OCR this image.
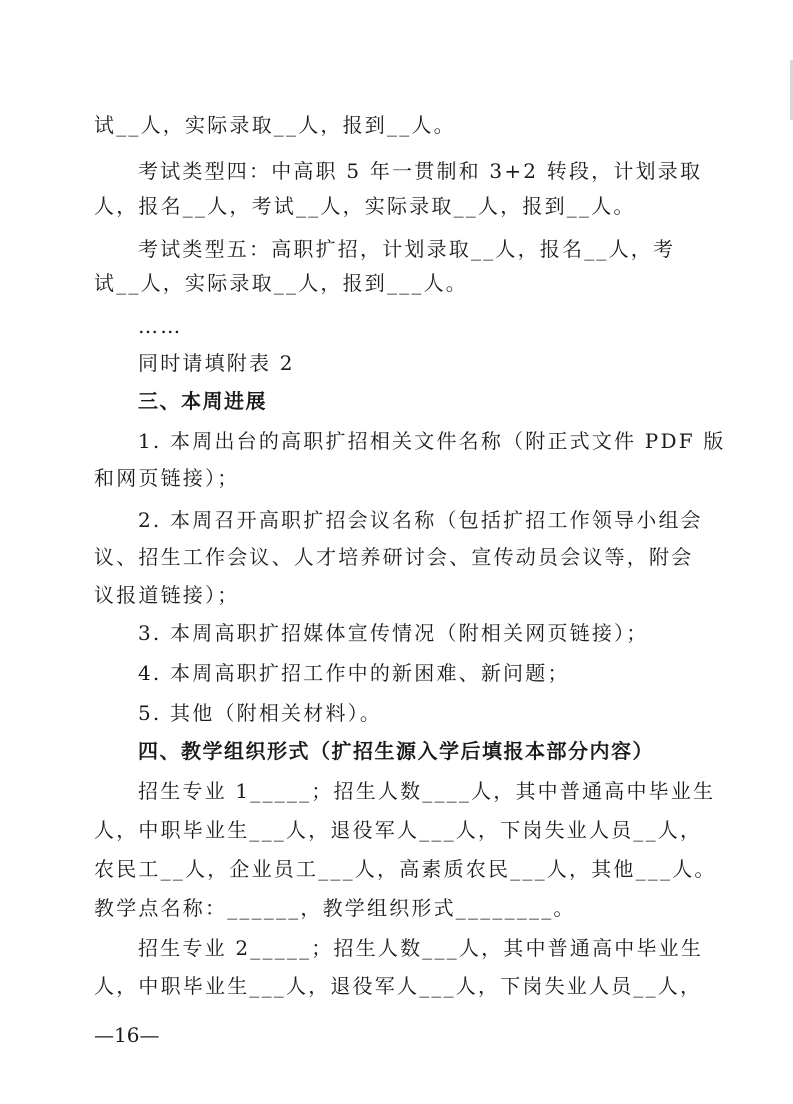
试__人，实际录取__人，报到__人。
考试类型四：中高职 5 年一贯制和 3+2 转段，计划录取
人，报名__人，考试__人，实际录取__人，报到__人。
考试类型五：高职扩招，计划录取__人，报名__人，考
试__人，实际录取__人，报到___人。
……
同时请填附表 2
三、本周进展
1. 本周出台的高职扩招相关文件名称（附正式文件 PDF 版
和网页链接）；
2. 本周召开高职扩招会议名称（包括扩招工作领导小组会
议、招生工作会议、人才培养研讨会、宣传动员会议等，附会
议报道链接）；
3. 本周高职扩招媒体宣传情况（附相关网页链接）；
4. 本周高职扩招工作中的新困难、新问题；
5. 其他（附相关材料）。
四、教学组织形式（扩招生源入学后填报本部分内容）
招生专业 1_____；招生人数____人，其中普通高中毕业生
人，中职毕业生___人，退役军人___人，下岗失业人员__人，
农民工__人，企业员工___人，高素质农民___人，其他___人。
教学点名称：______，教学组织形式________。
招生专业 2_____；招生人数___人，其中普通高中毕业生
人，中职毕业生___人，退役军人___人，下岗失业人员__人，
—16—
